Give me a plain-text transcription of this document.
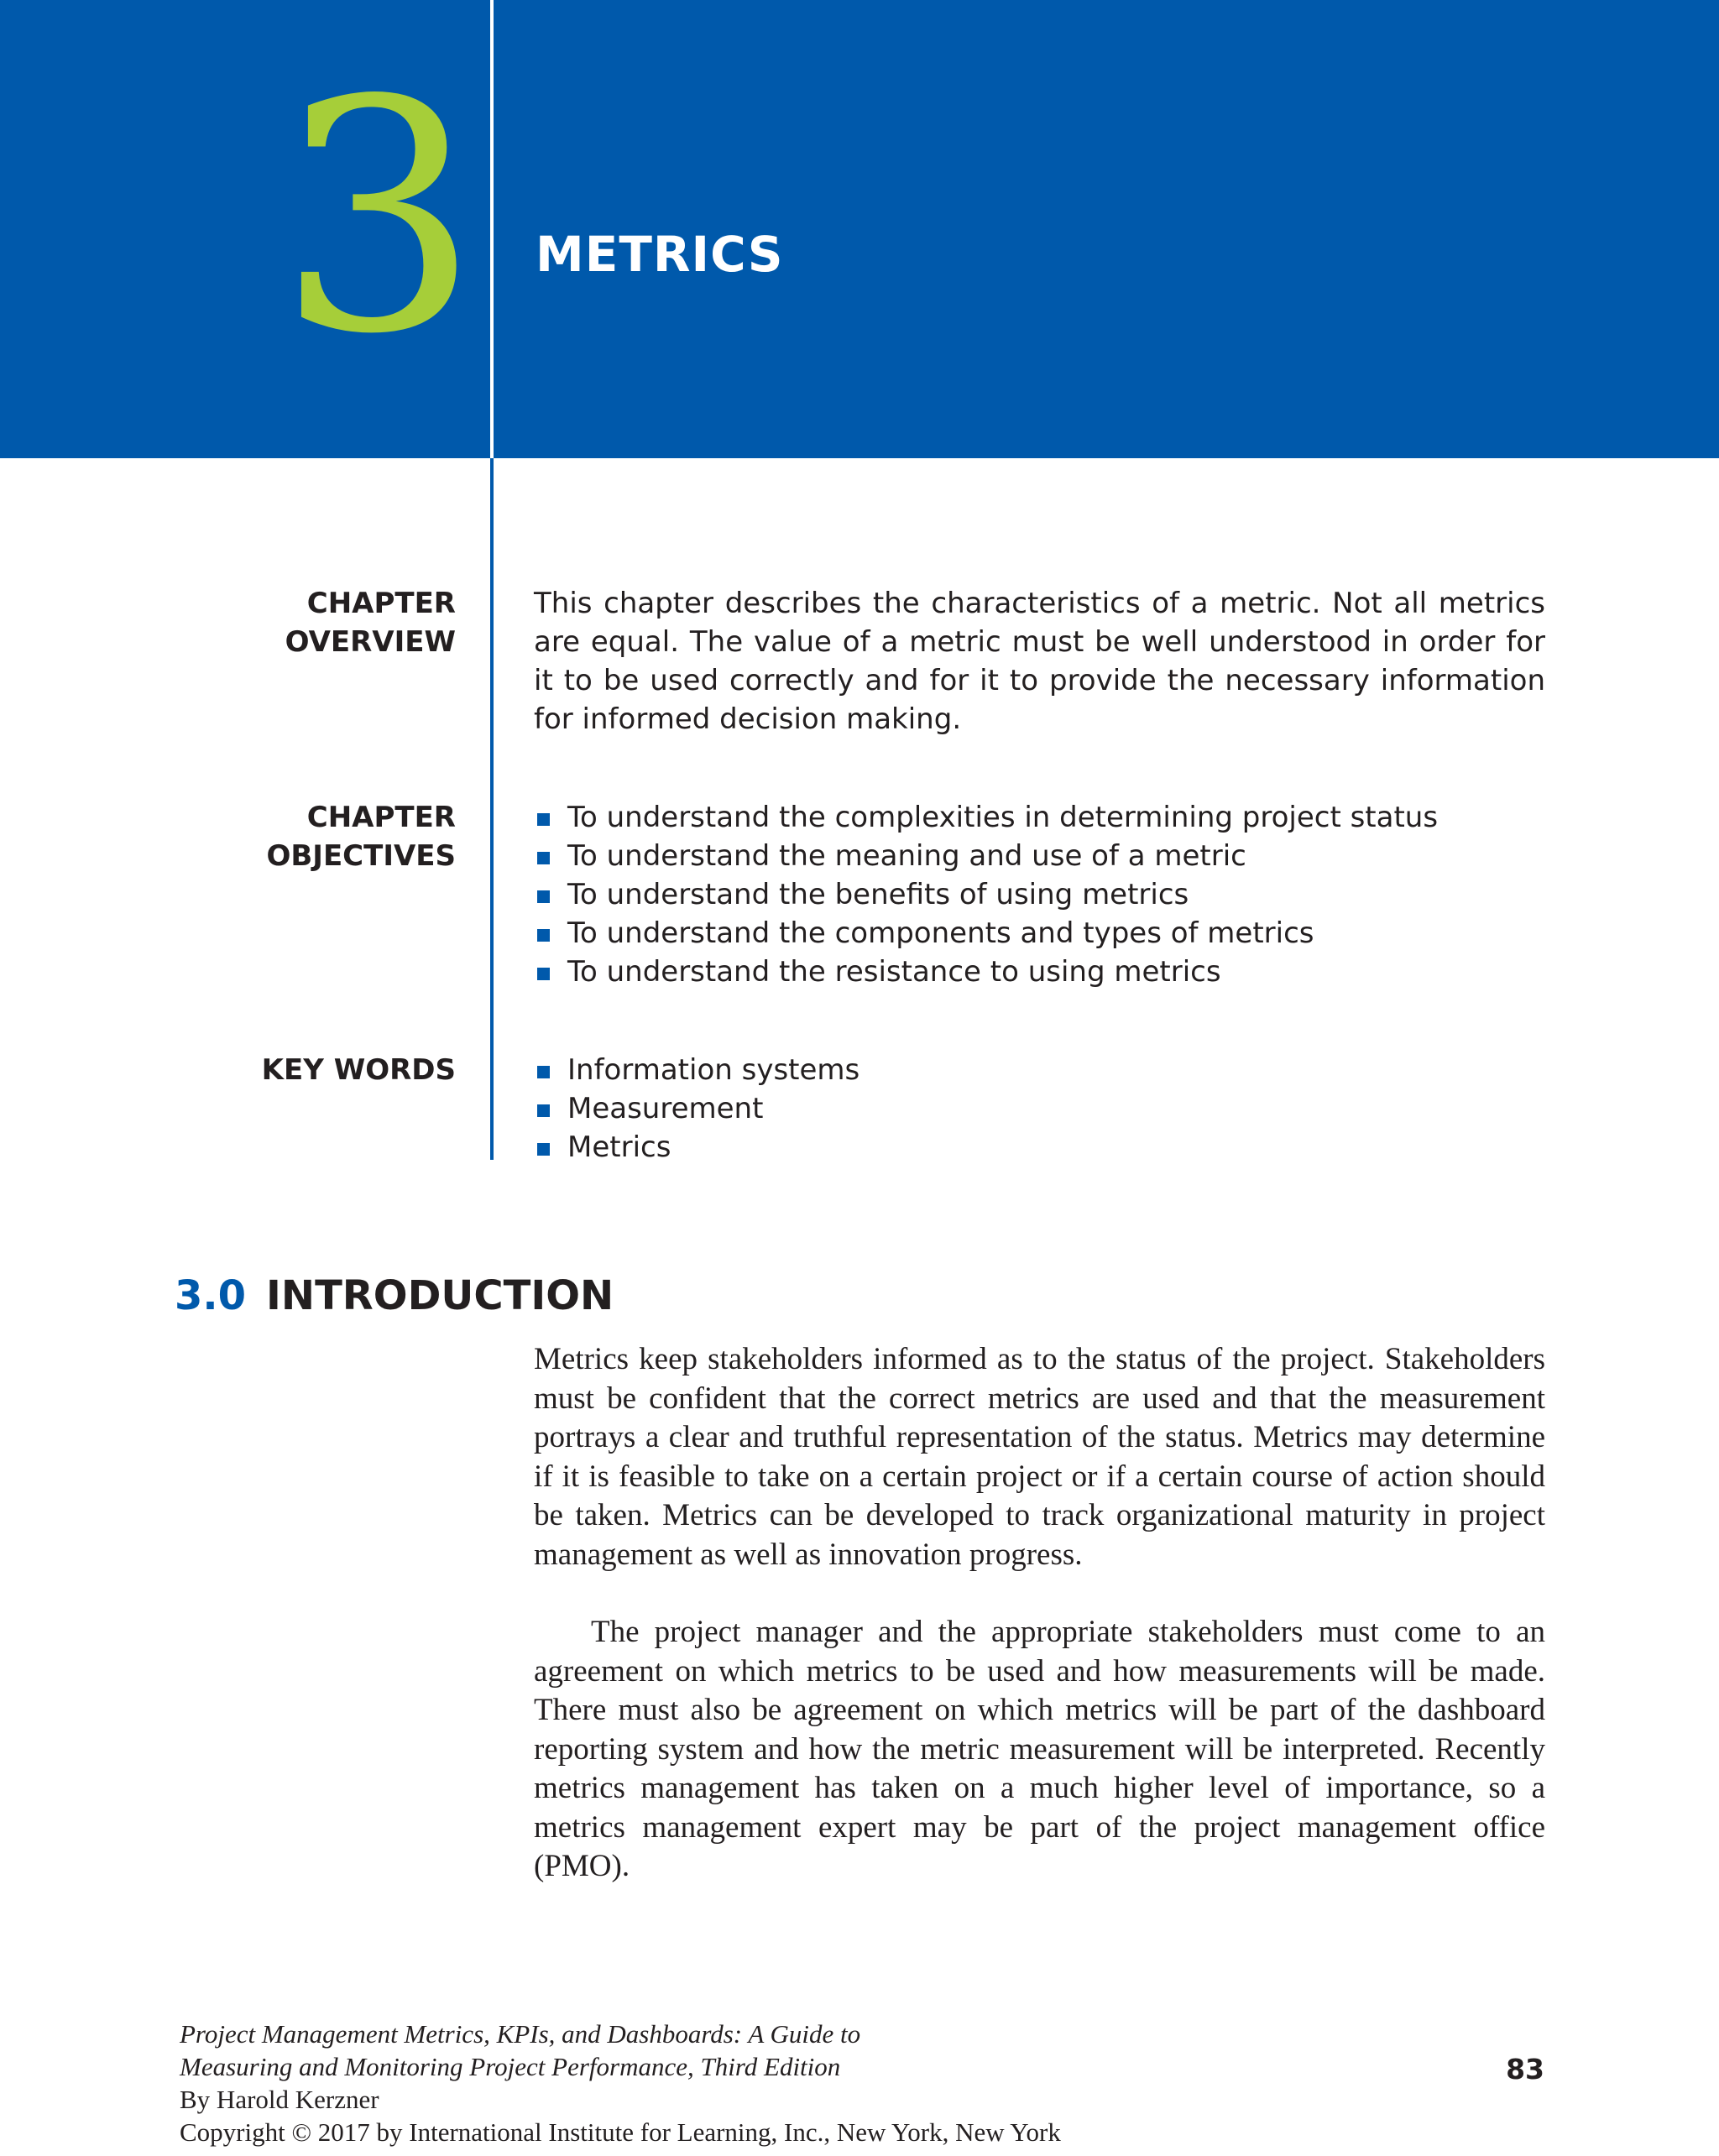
3 METRICS
CHAPTER
OVERVIEW

This chapter describes the characteristics of a metric. Not all metrics are equal. The value of a metric must be well understood in order for it to be used correctly and for it to provide the necessary information for informed decision making.

CHAPTER
OBJECTIVES
To understand the complexities in determining project status
To understand the meaning and use of a metric
To understand the benefits of using metrics
To understand the components and types of metrics
To understand the resistance to using metrics
KEY WORDS	Information systems
Measurement
Metrics
3.0 INTRODUCTION

Metrics keep stakeholders informed as to the status of the project. Stakeholders must be confident that the correct metrics are used and that the measurement portrays a clear and truthful representation of the status. Metrics may determine if it is feasible to take on a certain project or if a certain course of action should be taken. Metrics can be developed to track organizational maturity in project management as well as innovation progress.

The project manager and the appropriate stakeholders must come to an agreement on which metrics to be used and how measurements will be made. There must also be agreement on which metrics will be part of the dashboard reporting system and how the metric measurement will be interpreted. Recently metrics management has taken on a much higher level of importance, so a metrics management expert may be part of the project management office (PMO).

Project Management Metrics, KPIs, and Dashboards: A Guide to
Measuring and Monitoring Project Performance, Third Edition
By Harold Kerzner
Copyright © 2017 by International Institute for Learning, Inc., New York, New York
83
